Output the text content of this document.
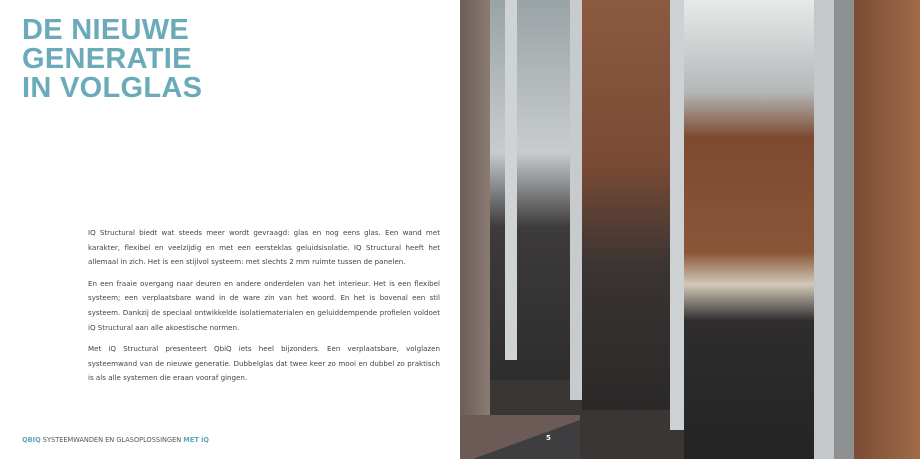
DE NIEUWE
GENERATIE
IN VOLGLAS

IQ Structural biedt wat steeds meer wordt gevraagd: glas en nog eens glas. Een wand met karakter, flexibel en veelzijdig en met een eersteklas geluidsisolatie. IQ Structural heeft het allemaal in zich. Het is een stijlvol systeem: met slechts 2 mm ruimte tussen de panelen.

En een fraaie overgang naar deuren en andere onderdelen van het interieur. Het is een flexibel systeem; een verplaatsbare wand in de ware zin van het woord. En het is bovenal een stil systeem. Dankzij de speciaal ontwikkelde isolatiematerialen en geluiddempende profielen voldoet iQ Structural aan alle akoestische normen.

Met iQ Structural presenteert QbiQ iets heel bijzonders. Een verplaatsbare, volglazen systeemwand van de nieuwe generatie. Dubbelglas dat twee keer zo mooi en dubbel zo praktisch is als alle systemen die eraan vooraf gingen.

QBIQ SYSTEEMWANDEN EN GLASOPLOSSINGEN MET iQ	5
